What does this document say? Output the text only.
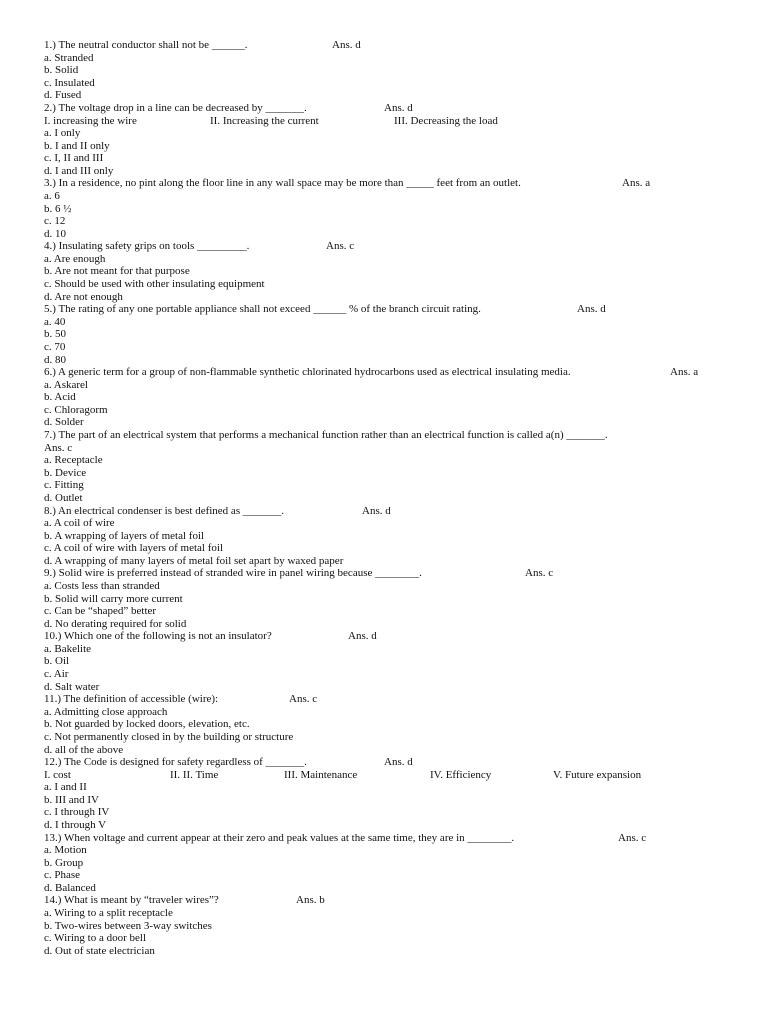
1.) The neutral conductor shall not be ______.	Ans. d
a. Stranded
b. Solid
c. Insulated
d. Fused
2.) The voltage drop in a line can be decreased by _______.	Ans. d
I. increasing the wire	II. Increasing the current	III. Decreasing the load
a. I only
b. I and II only
c. I, II and III
d. I and III only
3.) In a residence, no pint along the floor line in any wall space may be more than _____ feet from an outlet.	Ans. a
a. 6
b. 6 ½
c. 12
d. 10
4.) Insulating safety grips on tools _________.	Ans. c
a. Are enough
b. Are not meant for that purpose
c. Should be used with other insulating equipment
d. Are not enough
5.) The rating of any one portable appliance shall not exceed ______ % of the branch circuit rating.	Ans. d
a. 40
b. 50
c. 70
d. 80
6.) A generic term for a group of non-flammable synthetic chlorinated hydrocarbons used as electrical insulating media.	Ans. a
a. Askarel
b. Acid
c. Chloragorm
d. Solder
7.) The part of an electrical system that performs a mechanical function rather than an electrical function is called a(n) _______.
Ans. c
a. Receptacle
b. Device
c. Fitting
d. Outlet
8.) An electrical condenser is best defined as _______.	Ans. d
a. A coil of wire
b. A wrapping of layers of metal foil
c. A coil of wire with layers of metal foil
d. A wrapping of many layers of metal foil set apart by waxed paper
9.) Solid wire is preferred instead of stranded wire in panel wiring because ________.	Ans. c
a. Costs less than stranded
b. Solid will carry more current
c. Can be “shaped” better
d. No derating required for solid
10.) Which one of the following is not an insulator?	Ans. d
a. Bakelite
b. Oil
c. Air
d. Salt water
11.) The definition of accessible (wire):	Ans. c
a. Admitting close approach
b. Not guarded by locked doors, elevation, etc.
c. Not permanently closed in by the building or structure
d. all of the above
12.) The Code is designed for safety regardless of _______.	Ans. d
I. cost	II. II. Time	III. Maintenance	IV. Efficiency	V. Future expansion
a. I and II
b. III and IV
c. I through IV
d. I through V
13.) When voltage and current appear at their zero and peak values at the same time, they are in ________.	Ans. c
a. Motion
b. Group
c. Phase
d. Balanced
14.) What is meant by “traveler wires”?	Ans. b
a. Wiring to a split receptacle
b. Two-wires between 3-way switches
c. Wiring to a door bell
d. Out of state electrician
